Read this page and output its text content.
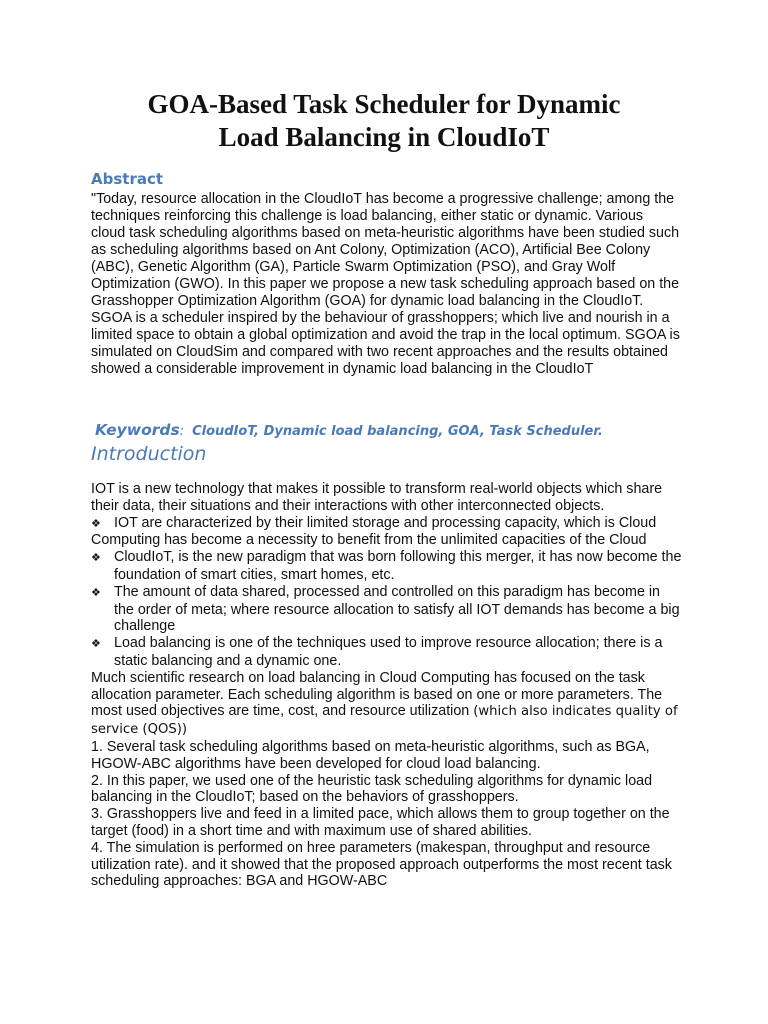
GOA-Based Task Scheduler for Dynamic
Load Balancing in CloudIoT
Abstract

"Today, resource allocation in the CloudIoT has become a progressive challenge; among the techniques reinforcing this challenge is load balancing, either static or dynamic. Various cloud task scheduling algorithms based on meta-heuristic algorithms have been studied such as scheduling algorithms based on Ant Colony, Optimization (ACO), Artificial Bee Colony (ABC), Genetic Algorithm (GA), Particle Swarm Optimization (PSO), and Gray Wolf Optimization (GWO). In this paper we propose a new task scheduling approach based on the Grasshopper Optimization Algorithm (GOA) for dynamic load balancing in the CloudIoT. SGOA is a scheduler inspired by the behaviour of grasshoppers; which live and nourish in a limited space to obtain a global optimization and avoid the trap in the local optimum. SGOA is simulated on CloudSim and compared with two recent approaches and the results obtained showed a considerable improvement in dynamic load balancing in the CloudIoT

Keywords: CloudIoT, Dynamic load balancing, GOA, Task Scheduler.

Introduction

IOT is a new technology that makes it possible to transform real-world objects which share their data, their situations and their interactions with other interconnected objects.

❖ IOT are characterized by their limited storage and processing capacity, which is Cloud Computing has become a necessity to benefit from the unlimited capacities of the Cloud

❖ CloudIoT, is the new paradigm that was born following this merger, it has now become the foundation of smart cities, smart homes, etc.

❖ The amount of data shared, processed and controlled on this paradigm has become in the order of meta; where resource allocation to satisfy all IOT demands has become a big challenge

❖ Load balancing is one of the techniques used to improve resource allocation; there is a static balancing and a dynamic one.

Much scientific research on load balancing in Cloud Computing has focused on the task allocation parameter. Each scheduling algorithm is based on one or more parameters. The most used objectives are time, cost, and resource utilization (which also indicates quality of service (QOS))

1. Several task scheduling algorithms based on meta-heuristic algorithms, such as BGA, HGOW-ABC algorithms have been developed for cloud load balancing.

2. In this paper, we used one of the heuristic task scheduling algorithms for dynamic load balancing in the CloudIoT; based on the behaviors of grasshoppers.

3. Grasshoppers live and feed in a limited pace, which allows them to group together on the target (food) in a short time and with maximum use of shared abilities.

4. The simulation is performed on hree parameters (makespan, throughput and resource utilization rate). and it showed that the proposed approach outperforms the most recent task scheduling approaches: BGA and HGOW-ABC
